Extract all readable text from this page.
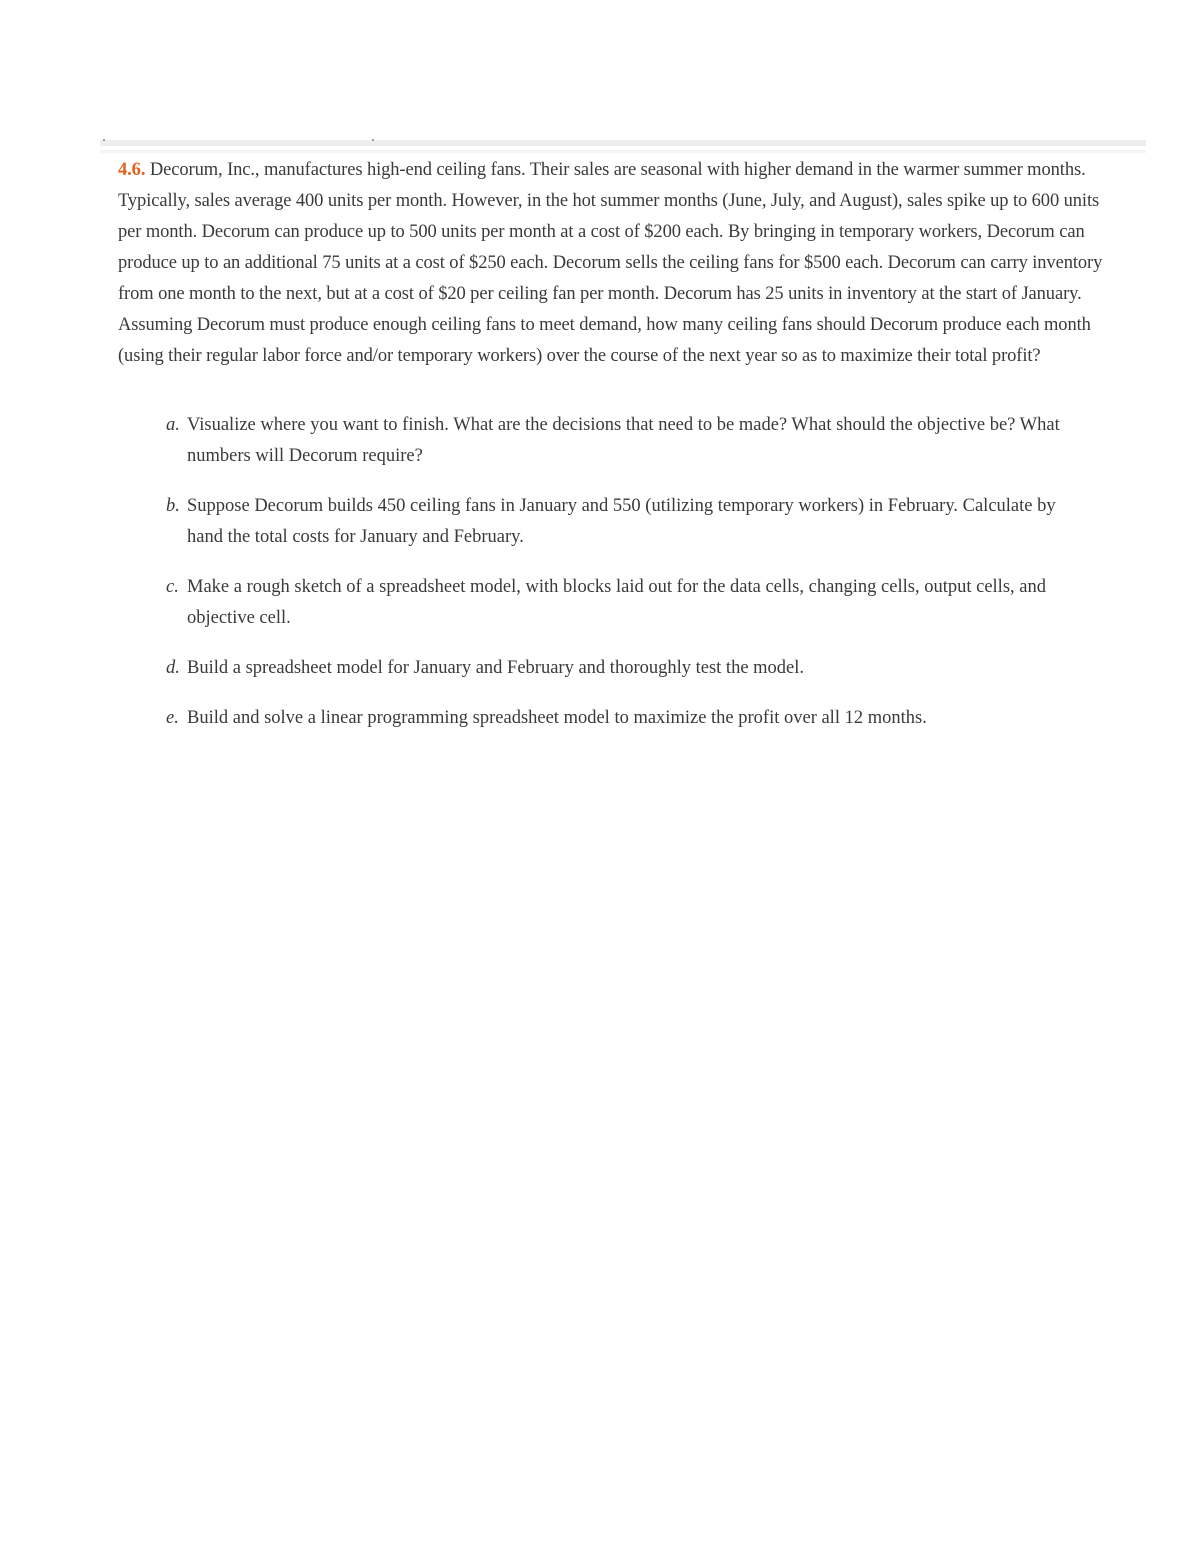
4.6. Decorum, Inc., manufactures high-end ceiling fans. Their sales are seasonal with higher demand in the warmer summer months. Typically, sales average 400 units per month. However, in the hot summer months (June, July, and August), sales spike up to 600 units per month. Decorum can produce up to 500 units per month at a cost of $200 each. By bringing in temporary workers, Decorum can produce up to an additional 75 units at a cost of $250 each. Decorum sells the ceiling fans for $500 each. Decorum can carry inventory from one month to the next, but at a cost of $20 per ceiling fan per month. Decorum has 25 units in inventory at the start of January. Assuming Decorum must produce enough ceiling fans to meet demand, how many ceiling fans should Decorum produce each month (using their regular labor force and/or temporary workers) over the course of the next year so as to maximize their total profit?

a. Visualize where you want to finish. What are the decisions that need to be made? What should the objective be? What numbers will Decorum require?
b. Suppose Decorum builds 450 ceiling fans in January and 550 (utilizing temporary workers) in February. Calculate by hand the total costs for January and February.
c. Make a rough sketch of a spreadsheet model, with blocks laid out for the data cells, changing cells, output cells, and objective cell.
d. Build a spreadsheet model for January and February and thoroughly test the model.
e. Build and solve a linear programming spreadsheet model to maximize the profit over all 12 months.
